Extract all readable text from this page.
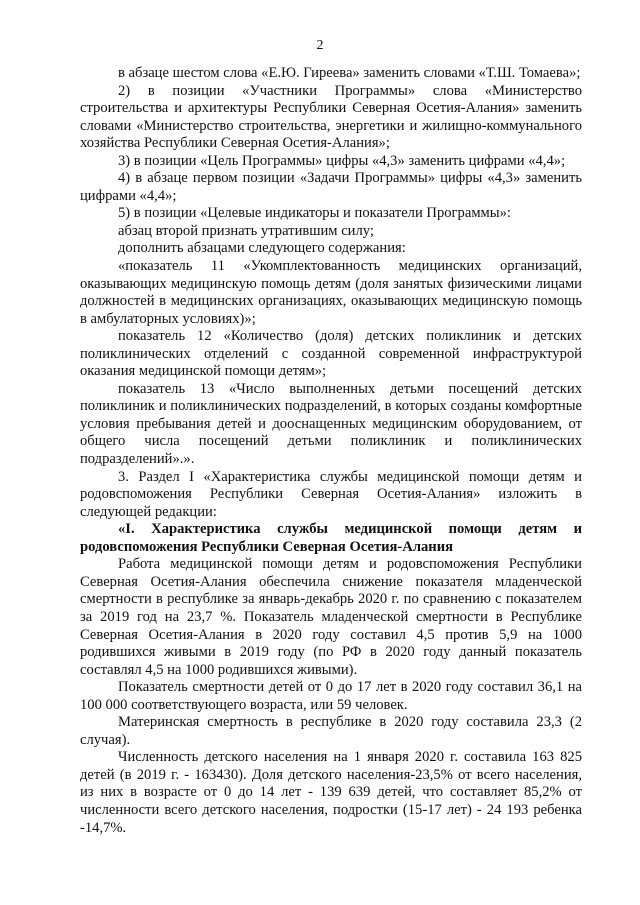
2

в абзаце шестом слова «Е.Ю. Гиреева» заменить словами «Т.Ш. Томаева»;

2) в позиции «Участники Программы» слова «Министерство строительства и архитектуры Республики Северная Осетия-Алания» заменить словами «Министерство строительства, энергетики и жилищно-коммунального хозяйства Республики Северная Осетия-Алания»;

3) в позиции «Цель Программы» цифры «4,3» заменить цифрами «4,4»;

4) в абзаце первом позиции «Задачи Программы» цифры «4,3» заменить цифрами «4,4»;

5) в позиции «Целевые индикаторы и показатели Программы»:

абзац второй признать утратившим силу;

дополнить абзацами следующего содержания:

«показатель 11 «Укомплектованность медицинских организаций, оказывающих медицинскую помощь детям (доля занятых физическими лицами должностей в медицинских организациях, оказывающих медицинскую помощь в амбулаторных условиях)»;

показатель 12 «Количество (доля) детских поликлиник и детских поликлинических отделений с созданной современной инфраструктурой оказания медицинской помощи детям»;

показатель 13 «Число выполненных детьми посещений детских поликлиник и поликлинических подразделений, в которых созданы комфортные условия пребывания детей и дооснащенных медицинским оборудованием, от общего числа посещений детьми поликлиник и поликлинических подразделений».».

3. Раздел I «Характеристика службы медицинской помощи детям и родовспоможения Республики Северная Осетия-Алания» изложить в следующей редакции:

«I. Характеристика службы медицинской помощи детям и родовспоможения Республики Северная Осетия-Алания

Работа медицинской помощи детям и родовспоможения Республики Северная Осетия-Алания обеспечила снижение показателя младенческой смертности в республике за январь-декабрь 2020 г. по сравнению с показателем за 2019 год на 23,7 %. Показатель младенческой смертности в Республике Северная Осетия-Алания в 2020 году составил 4,5 против 5,9 на 1000 родившихся живыми в 2019 году (по РФ в 2020 году данный показатель составлял 4,5 на 1000 родившихся живыми).

Показатель смертности детей от 0 до 17 лет в 2020 году составил 36,1 на 100 000 соответствующего возраста, или 59 человек.

Материнская смертность в республике в 2020 году составила 23,3 (2 случая).

Численность детского населения на 1 января 2020 г. составила 163 825 детей (в 2019 г. - 163430). Доля детского населения-23,5% от всего населения, из них в возрасте от 0 до 14 лет - 139 639 детей, что составляет 85,2% от численности всего детского населения, подростки (15-17 лет) - 24 193 ребенка -14,7%.
